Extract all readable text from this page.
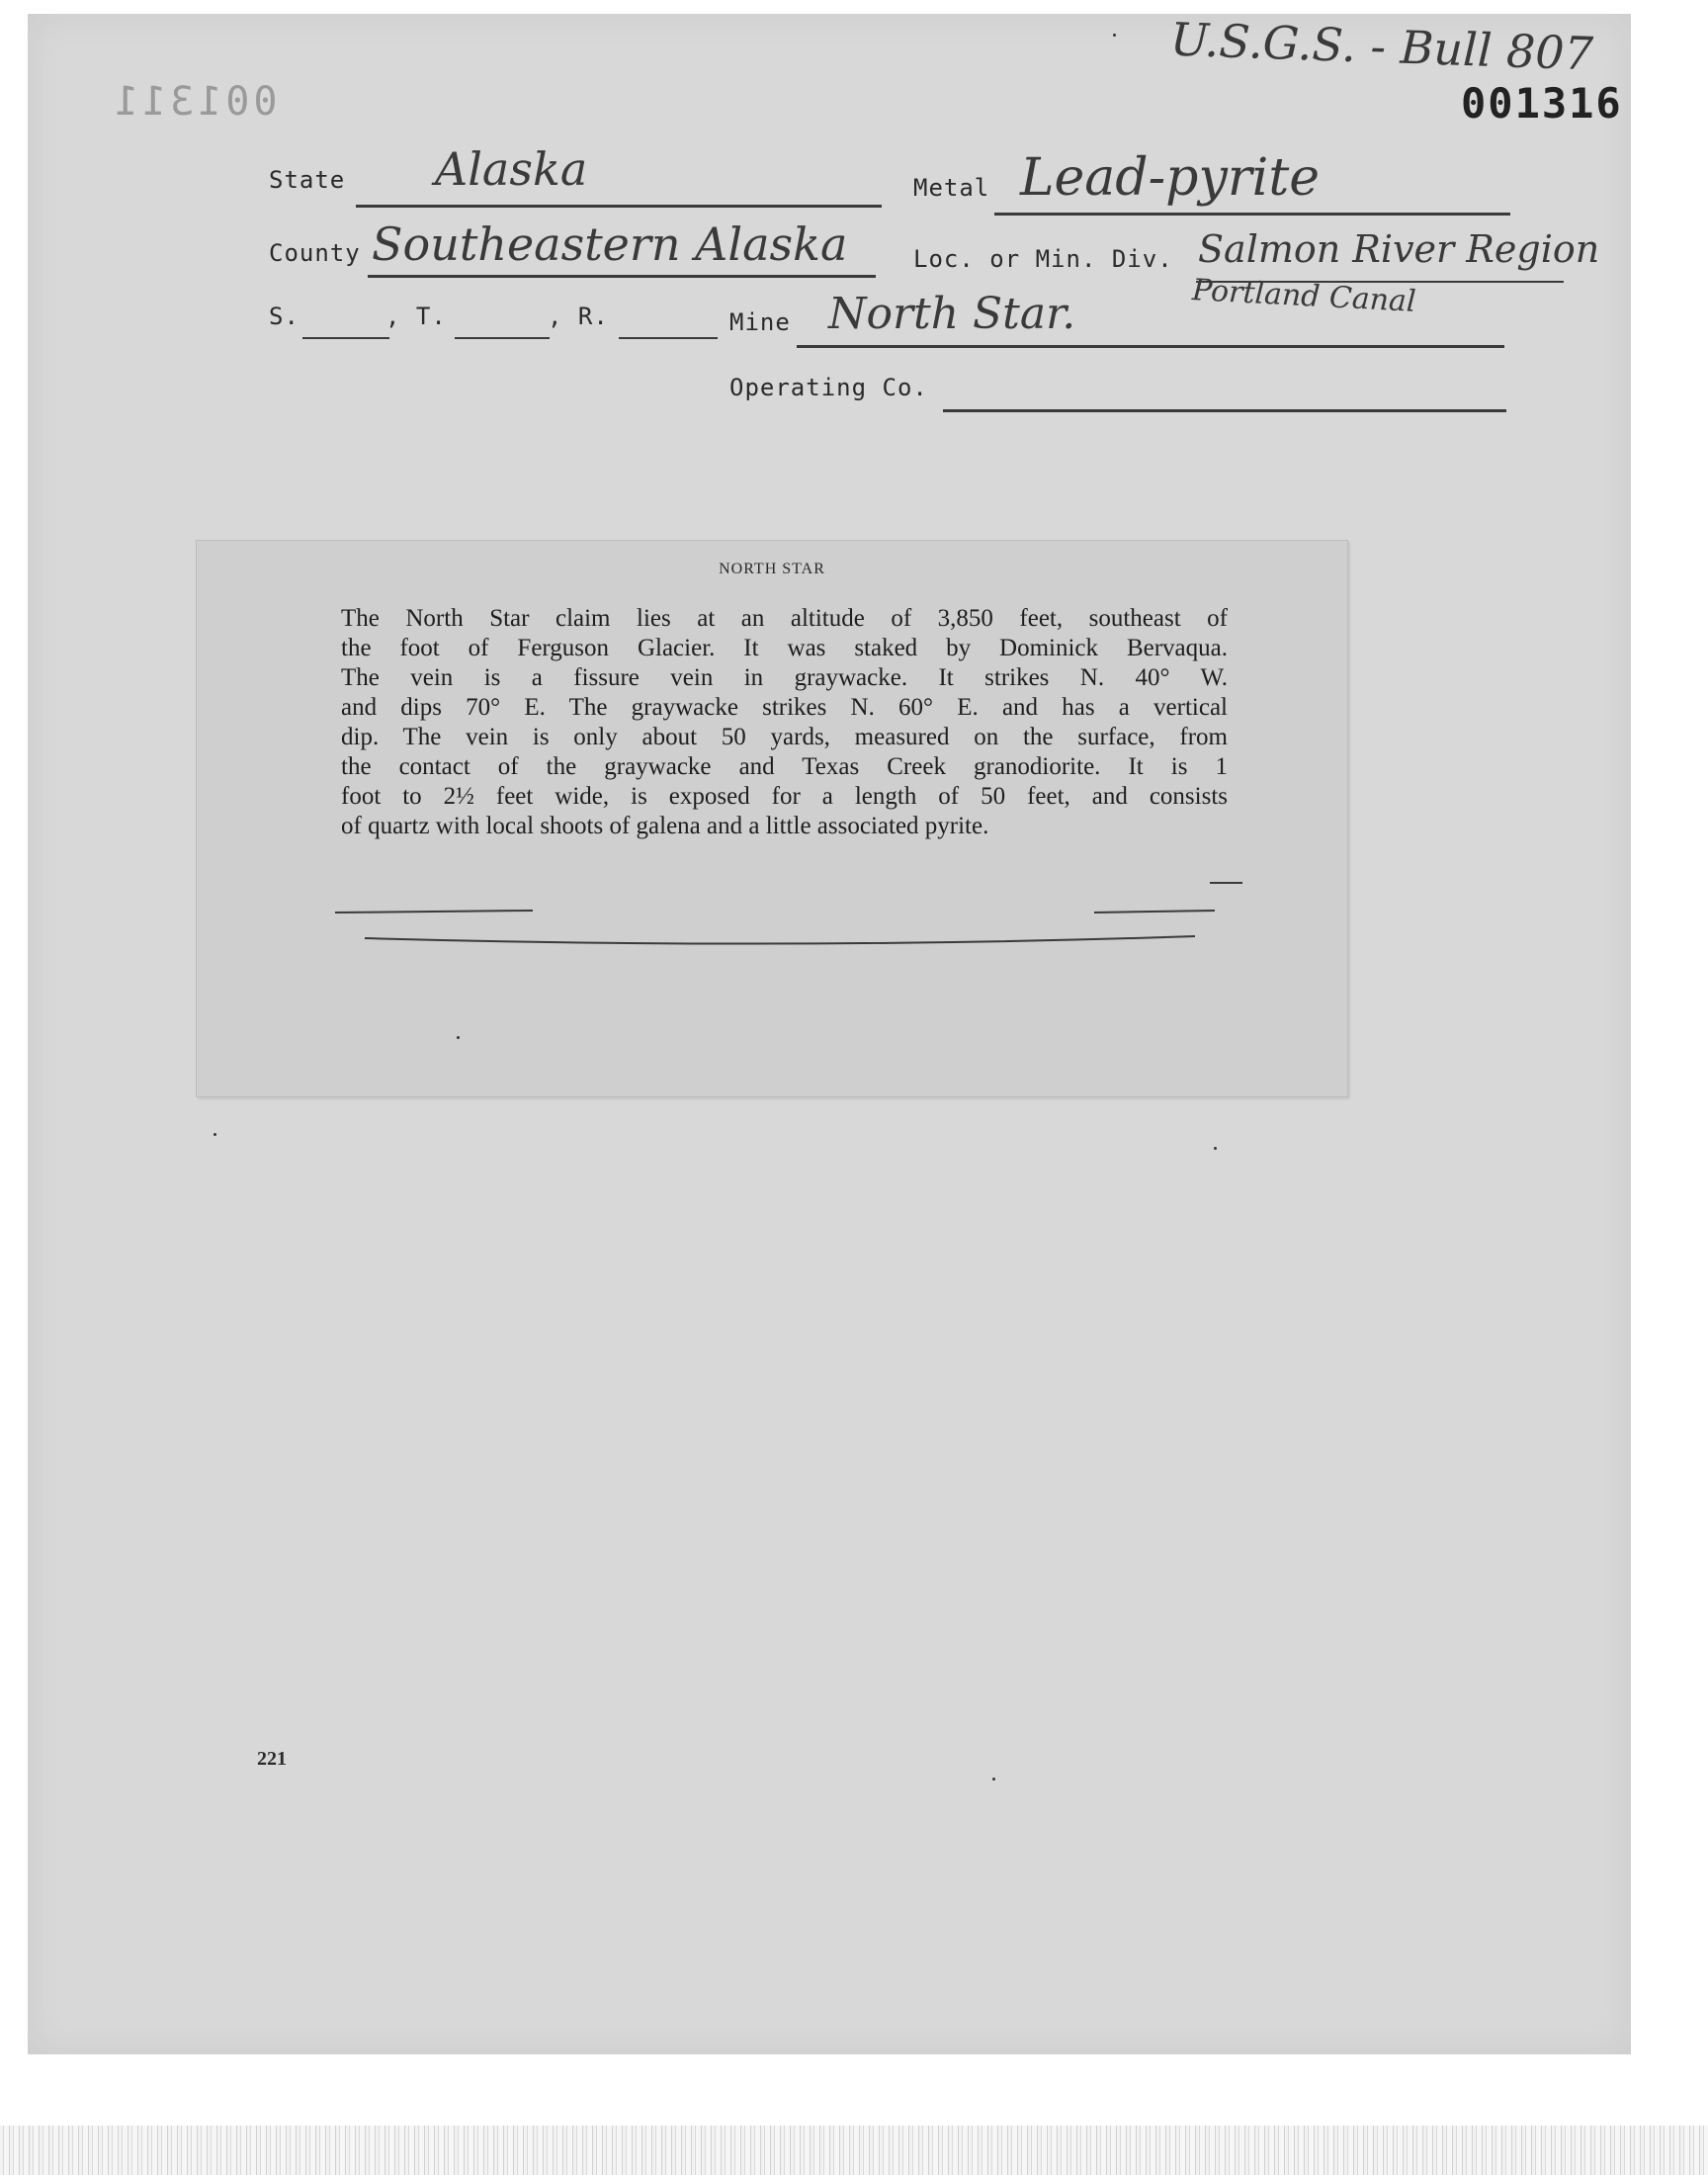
U.S.G.S. - Bull 807
001316
001311
State Alaska	Metal Lead-pyrite
County Southeastern Alaska	Loc. or Min. Div. Salmon River Region
Portland Canal
S.	, T.	, R.	Mine North Star.
Operating Co.
NORTH STAR
The North Star claim lies at an altitude of 3,850 feet, southeast of
the foot of Ferguson Glacier. It was staked by Dominick Bervaqua.
The vein is a fissure vein in graywacke. It strikes N. 40° W.
and dips 70° E. The graywacke strikes N. 60° E. and has a vertical
dip. The vein is only about 50 yards, measured on the surface, from
the contact of the graywacke and Texas Creek granodiorite. It is 1
foot to 2½ feet wide, is exposed for a length of 50 feet, and consists
of quartz with local shoots of galena and a little associated pyrite.
221
